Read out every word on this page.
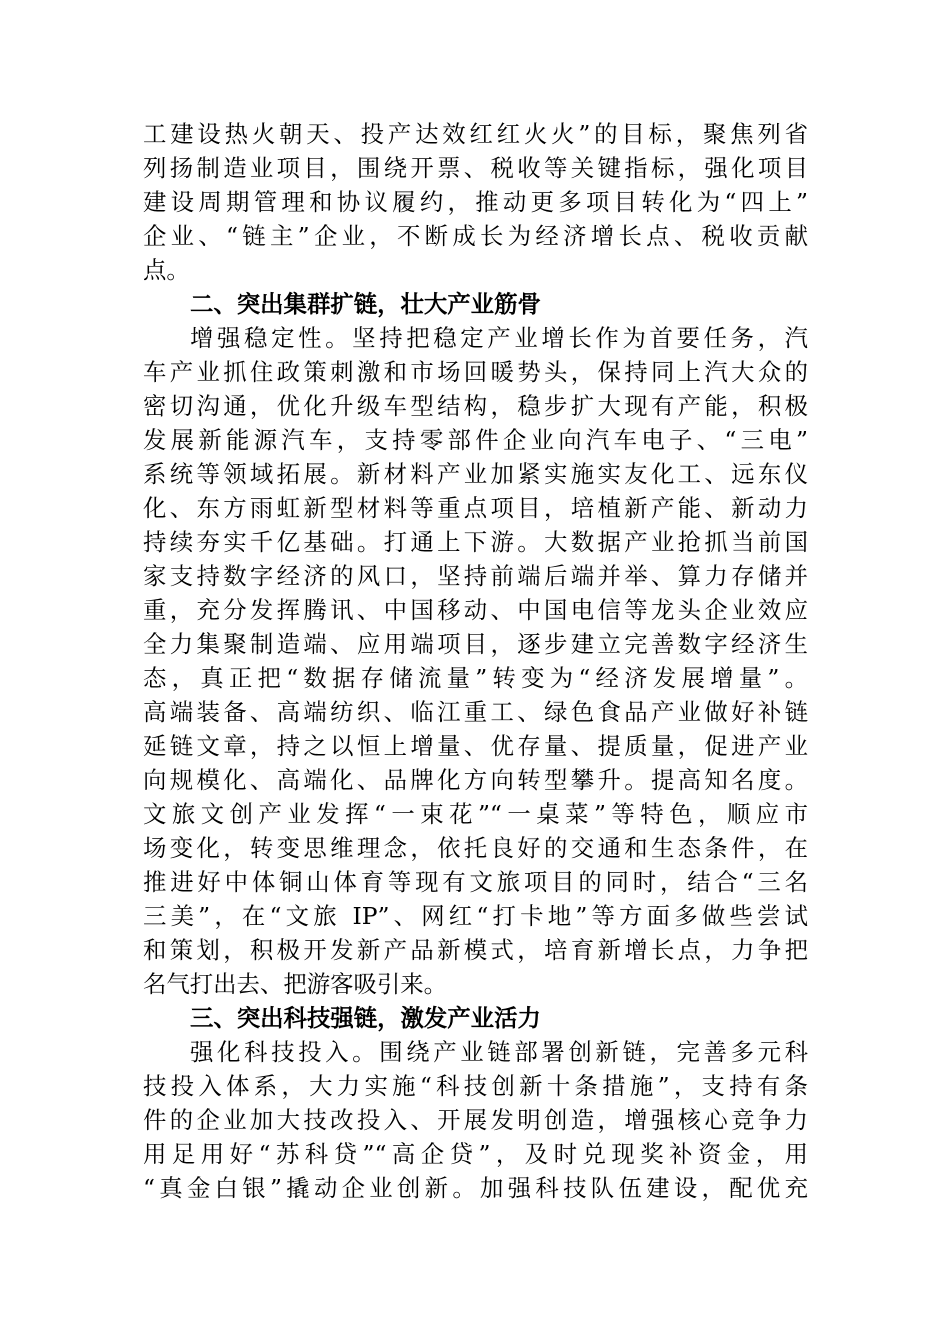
工建设热火朝天、投产达效红红火火”的目标，聚焦列省
列扬制造业项目，围绕开票、税收等关键指标，强化项目
建设周期管理和协议履约，推动更多项目转化为“四上”
企业、“链主”企业，不断成长为经济增长点、税收贡献
点。
二、突出集群扩链，壮大产业筋骨
增强稳定性。坚持把稳定产业增长作为首要任务，汽
车产业抓住政策刺激和市场回暖势头，保持同上汽大众的
密切沟通，优化升级车型结构，稳步扩大现有产能，积极
发展新能源汽车，支持零部件企业向汽车电子、“三电”
系统等领域拓展。新材料产业加紧实施实友化工、远东仪
化、东方雨虹新型材料等重点项目，培植新产能、新动力
持续夯实千亿基础。打通上下游。大数据产业抢抓当前国
家支持数字经济的风口，坚持前端后端并举、算力存储并
重，充分发挥腾讯、中国移动、中国电信等龙头企业效应
全力集聚制造端、应用端项目，逐步建立完善数字经济生
态，真正把“数据存储流量”转变为“经济发展增量”。
高端装备、高端纺织、临江重工、绿色食品产业做好补链
延链文章，持之以恒上增量、优存量、提质量，促进产业
向规模化、高端化、品牌化方向转型攀升。提高知名度。
文旅文创产业发挥“一束花”“一桌菜”等特色，顺应市
场变化，转变思维理念，依托良好的交通和生态条件，在
推进好中体铜山体育等现有文旅项目的同时，结合“三名
三美”，在“文旅 IP”、网红“打卡地”等方面多做些尝试
和策划，积极开发新产品新模式，培育新增长点，力争把
名气打出去、把游客吸引来。
三、突出科技强链，激发产业活力
强化科技投入。围绕产业链部署创新链，完善多元科
技投入体系，大力实施“科技创新十条措施”，支持有条
件的企业加大技改投入、开展发明创造，增强核心竞争力
用足用好“苏科贷”“高企贷”，及时兑现奖补资金，用
“真金白银”撬动企业创新。加强科技队伍建设，配优充
